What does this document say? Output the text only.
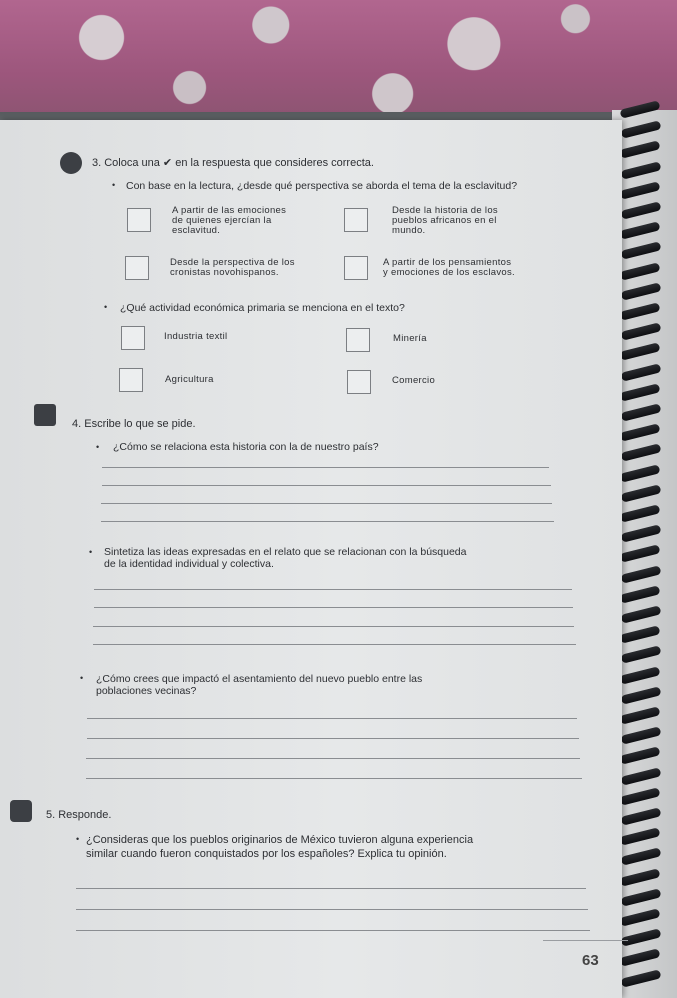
3. Coloca una ✔ en la respuesta que consideres correcta.
• Con base en la lectura, ¿desde qué perspectiva se aborda el tema de la esclavitud?
A partir de las emociones
de quienes ejercían la
esclavitud.
Desde la historia de los
pueblos africanos en el
mundo.
Desde la perspectiva de los
cronistas novohispanos.
A partir de los pensamientos
y emociones de los esclavos.
• ¿Qué actividad económica primaria se menciona en el texto?
Industria textil	Minería
Agricultura	Comercio
4. Escribe lo que se pide.
• ¿Cómo se relaciona esta historia con la de nuestro país?
• Sintetiza las ideas expresadas en el relato que se relacionan con la búsqueda
de la identidad individual y colectiva.
• ¿Cómo crees que impactó el asentamiento del nuevo pueblo entre las
poblaciones vecinas?
5. Responde.
• ¿Consideras que los pueblos originarios de México tuvieron alguna experiencia
similar cuando fueron conquistados por los españoles? Explica tu opinión.
63
